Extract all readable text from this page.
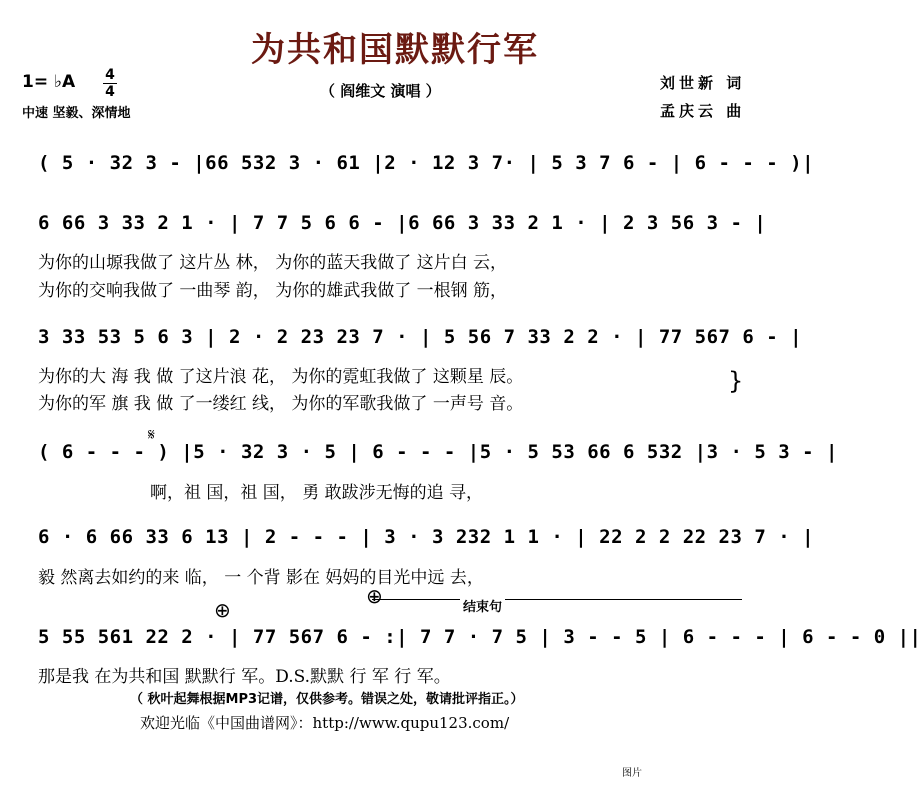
为共和国默默行军
1= ♭A 4
4
中速 坚毅、深情地
（ 阎维文 演唱 ）	刘世新 词
孟庆云 曲
( 5 · 32 3 - |66 532 3 · 61 |2 · 12 3 7· | 5 3 7 6 - | 6 - - - )|
6 66 3 33 2 1 · | 7 7 5 6 6 - |6 66 3 33 2 1 · | 2 3 56 3 - |
为你的山塬我做了 这片丛 林， 为你的蓝天我做了 这片白 云，
为你的交响我做了 一曲琴 韵， 为你的雄武我做了 一根钢 筋，
3 33 53 5 6 3 | 2 · 2 23 23 7 · | 5 56 7 33 2 2 · | 77 567 6 - |
为你的大 海 我 做 了这片浪 花， 为你的霓虹我做了 这颗星 辰。
为你的军 旗 我 做 了一缕红 线， 为你的军歌我做了 一声号 音。
}
𝄋
( 6 - - - ) |5 · 32 3 · 5 | 6 - - - |5 · 5 53 66 6 532 |3 · 5 3 - |
啊，祖 国，祖 国， 勇 敢跋涉无悔的追 寻，
6 · 6 66 33 6 13 | 2 - - - | 3 · 3 232 1 1 · | 22 2 2 22 23 7 · |
毅 然离去如约的来 临， 一 个背 影在 妈妈的目光中远 去，
⊕
⊕	结束句
5 55 561 22 2 · | 77 567 6 - :| 7 7 · 7 5 | 3 - - 5 | 6 - - - | 6 - - 0 ||
那是我 在为共和国 默默行 军。D.S.默默 行 军 行 军。
（ 秋叶起舞根据MP3记谱，仅供参考。错误之处，敬请批评指正。）
欢迎光临《中国曲谱网》：http://www.qupu123.com/
图片
